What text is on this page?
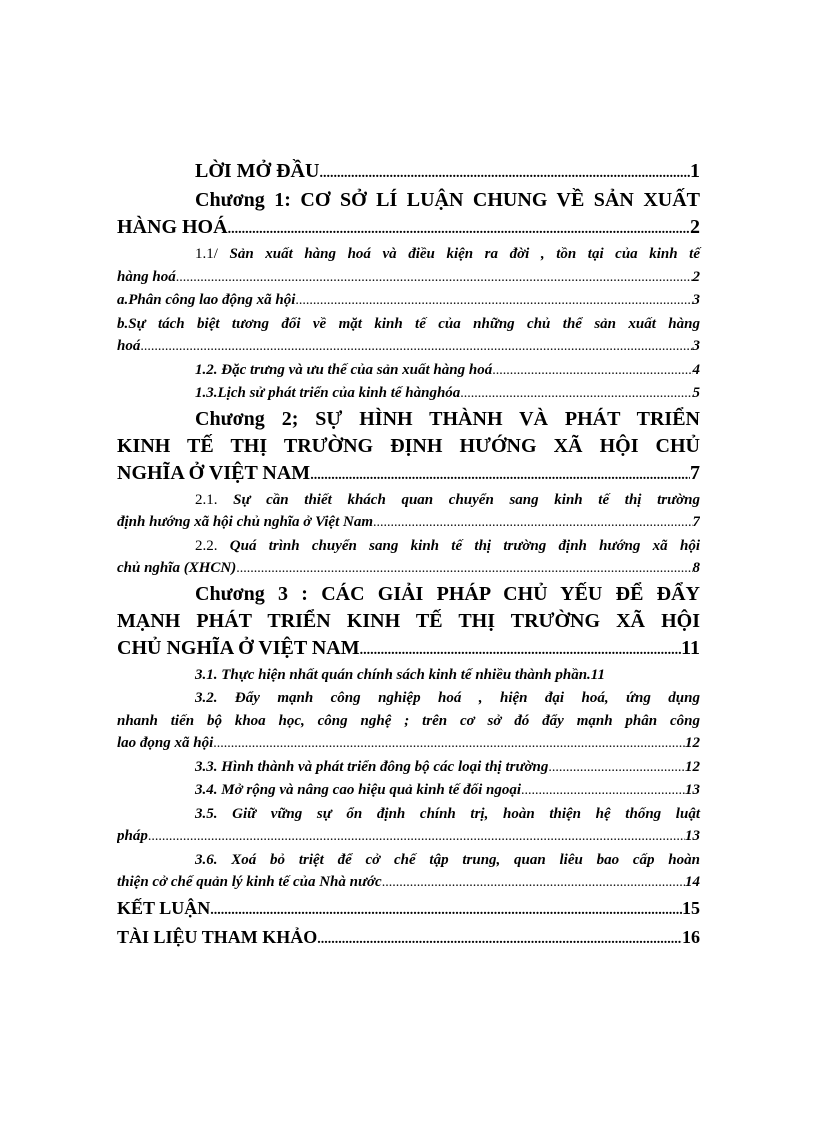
LỜI MỞ ĐẦU .....	1
Chương 1: CƠ SỞ LÍ LUẬN CHUNG VỀ SẢN XUẤT
HÀNG HOÁ .....	2
1.1/ Sản xuất hàng hoá và điều kiện ra đời , tồn tại của kinh tế
hàng hoá .....	2
a.Phân công lao động xã hội .....	3
b.Sự tách biệt tương đối về mặt kinh tế của những chủ thể sản xuất hàng
hoá .....	3
1.2. Đặc trưng và ưu thế của sản xuất hàng hoá .....	4
1.3.Lịch sử phát triển của kinh tế hànghóa .....	5
Chương 2; SỰ HÌNH THÀNH VÀ PHÁT TRIỂN
KINH TẾ THỊ TRƯỜNG ĐỊNH HƯỚNG XÃ HỘI CHỦ
NGHĨA Ở VIỆT NAM .....	7
2.1. Sự cần thiết khách quan chuyển sang kinh tế thị trường
định hướng xã hội chủ nghĩa ở Việt Nam .....	7
2.2. Quá trình chuyển sang kinh tế thị trường định hướng xã hội
chủ nghĩa (XHCN) .....	8
Chương 3 : CÁC GIẢI PHÁP CHỦ YẾU ĐỂ ĐẨY
MẠNH PHÁT TRIỂN KINH TẾ THỊ TRƯỜNG XÃ HỘI
CHỦ NGHĨA Ở VIỆT NAM .....	11
3.1. Thực hiện nhất quán chính sách kinh tế nhiều thành phần .11
3.2. Đẩy mạnh công nghiệp hoá , hiện đại hoá, ứng dụng
nhanh tiến bộ khoa học, công nghệ ; trên cơ sở đó đẩy mạnh phân công
lao đọng xã hội .....	12
3.3. Hình thành và phát triển đông bộ các loại thị trường .....	12
3.4. Mở rộng và nâng cao hiệu quả kinh tế đối ngoại .....	13
3.5. Giữ vững sự ổn định chính trị, hoàn thiện hệ thống luật
pháp .....	13
3.6. Xoá bỏ triệt để cở chế tập trung, quan liêu bao cấp hoàn
thiện cở chế quản lý kinh tế của Nhà nước .....	14
KẾT LUẬN .....	15
TÀI LIỆU THAM KHẢO .....	16
